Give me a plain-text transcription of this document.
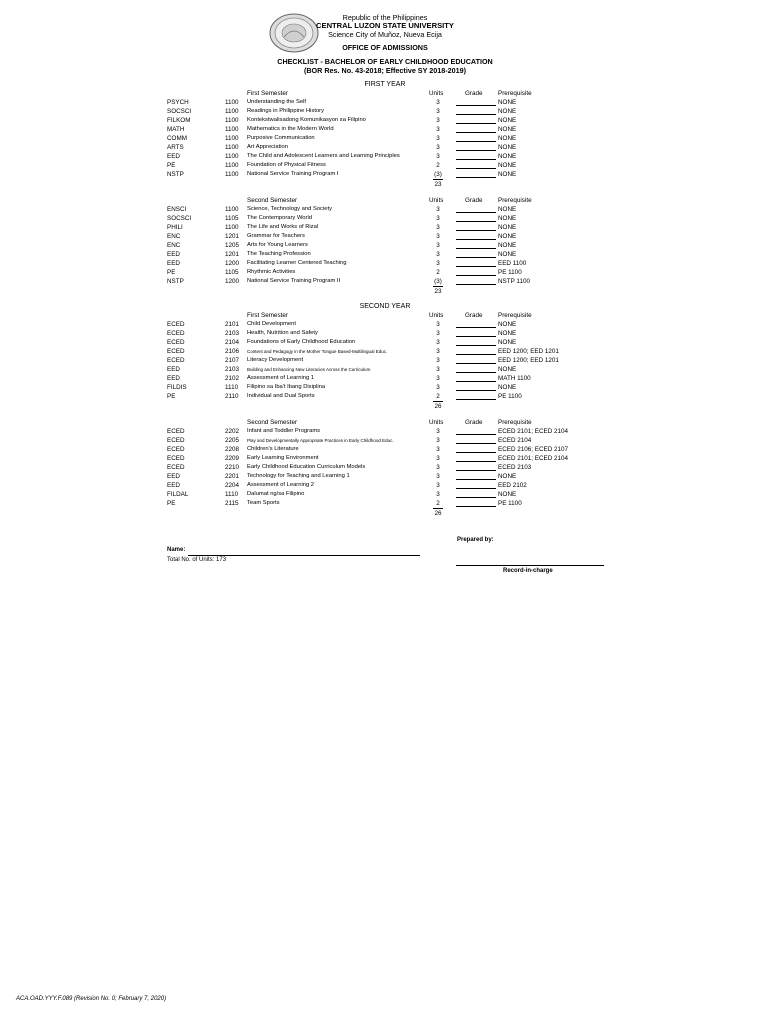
Republic of the Philippines
CENTRAL LUZON STATE UNIVERSITY
Science City of Muñoz, Nueva Ecija
OFFICE OF ADMISSIONS
CHECKLIST - BACHELOR OF EARLY CHILDHOOD EDUCATION
(BOR Res. No. 43-2018; Effective SY 2018-2019)
FIRST YEAR
First Semester	Units	Grade Prerequisite
PSYCH	1100 Understanding the Self	3	NONE
SOCSCI	1100 Readings in Philippine History	3	NONE
FILKOM	1100 Kontekstwalisadong Komunikasyon sa Filipino	3	NONE
MATH	1100 Mathematics in the Modern World	3	NONE
COMM	1100 Purposive Communication	3	NONE
ARTS	1100 Art Appreciation	3	NONE
EED	1100 The Child and Adolescent Learners and Learning Principles	3	NONE
PE	1100 Foundation of Physical Fitness	2	NONE
NSTP	1100 National Service Training Program I	(3)	NONE
23
Second Semester	Units	Grade Prerequisite
ENSCI	1100 Science, Technology and Society	3	NONE
SOCSCI	1105 The Contemporary World	3	NONE
PHILI	1100 The Life and Works of Rizal	3	NONE
ENC	1201 Grammar for Teachers	3	NONE
ENC	1205 Arts for Young Learners	3	NONE
EED	1201 The Teaching Profession	3	NONE
EED	1200 Facilitating Learner Centered Teaching	3	EED 1100
PE	1105 Rhythmic Activities	2	PE 1100
NSTP	1200 National Service Training Program II	(3)	NSTP 1100
23
SECOND YEAR
First Semester	Units	Grade Prerequisite
ECED	2101 Child Development	3	NONE
ECED	2103 Health, Nutrition and Safety	3	NONE
ECED	2104 Foundations of Early Childhood Education	3	NONE
ECED	2106 Content and Pedagogy in the Mother Tongue Based-Multilingual Educ.	3	EED 1200; EED 1201
ECED	2107 Literacy Development	3	EED 1200; EED 1201
EED	2103 Building and Enhancing New Literacies Across the Curriculum	3	NONE
EED	2102 Assessment of Learning 1	3	MATH 1100
FILDIS	1110 Filipino sa Iba't Ibang Disiplina	3	NONE
PE	2110 Individual and Dual Sports	2	PE 1100
26
Second Semester	Units	Grade Prerequisite
ECED	2202 Infant and Toddler Programs	3	ECED 2101; ECED 2104
ECED	2205 Play and Developmentally Appropriate Practices in Early Childhood Educ.	3	ECED 2104
ECED	2208 Children's Literature	3	ECED 2106; ECED 2107
ECED	2209 Early Learning Environment	3	ECED 2101; ECED 2104
ECED	2210 Early Childhood Education Curriculum Models	3	ECED 2103
EED	2201 Technology for Teaching and Learning 1	3	NONE
EED	2204 Assessment of Learning 2	3	EED 2102
FILDAL	1110 Dalumat ng/sa Filipino	3	NONE
PE	2115 Team Sports	2	PE 1100
26
Prepared by:
Name:
Total No. of Units: 173
Record-in-charge
ACA.OAD.YYY.F.089 (Revision No. 0; February 7, 2020)
